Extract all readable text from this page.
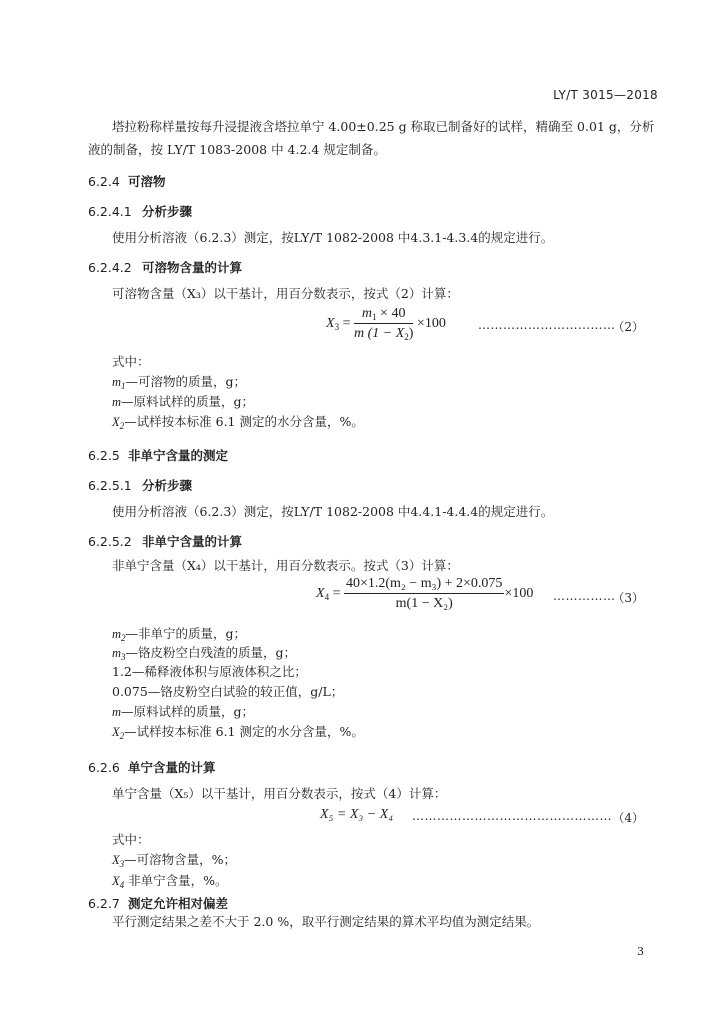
LY/T 3015—2018
塔拉粉称样量按每升浸提液含塔拉单宁 4.00±0.25 g 称取已制备好的试样，精确至 0.01 g，分析
液的制备，按 LY/T 1083-2008 中 4.2.4 规定制备。
6.2.4 可溶物
6.2.4.1 分析步骤
使用分析溶液（6.2.3）测定，按LY/T 1082-2008 中4.3.1-4.3.4的规定进行。
6.2.4.2 可溶物含量的计算
可溶物含量（X₃）以干基计，用百分数表示，按式（2）计算：
$X_3 = \frac{m_1 \times 40}{m (1 - X_2)} \times 100$	……………………………
（2）
式中：
$m_1—$可溶物的质量，g；
m—原料试样的质量，g；
$X_2—$试样按本标准 6.1 测定的水分含量，%。
6.2.5 非单宁含量的测定
6.2.5.1 分析步骤
使用分析溶液（6.2.3）测定，按LY/T 1082-2008 中4.4.1-4.4.4的规定进行。
6.2.5.2 非单宁含量的计算
非单宁含量（X₄）以干基计，用百分数表示。按式（3）计算：
$X_4 = \frac{\text{40×1.2(m₂ − m₃) + 2×0.075}}{\text{m(1 − X₂)}} \times 100$ ……………
（3）
$m_2—$非单宁的质量，g；
$m_3—$铬皮粉空白残渣的质量，g；
1.2—稀释液体积与原液体积之比；
0.075—铬皮粉空白试验的较正值，g/L；
m—原料试样的质量，g；
$X_2—$试样按本标准 6.1 测定的水分含量，%。
6.2.6 单宁含量的计算
单宁含量（X₅）以干基计，用百分数表示，按式（4）计算：
X₅ = X₃ − X₄ ………………………………………… （4）
式中：
$X_3—$可溶物含量，%；
$X_4$ 非单宁含量，%。
6.2.7 测定允许相对偏差
平行测定结果之差不大于 2.0 %，取平行测定结果的算术平均值为测定结果。
3
